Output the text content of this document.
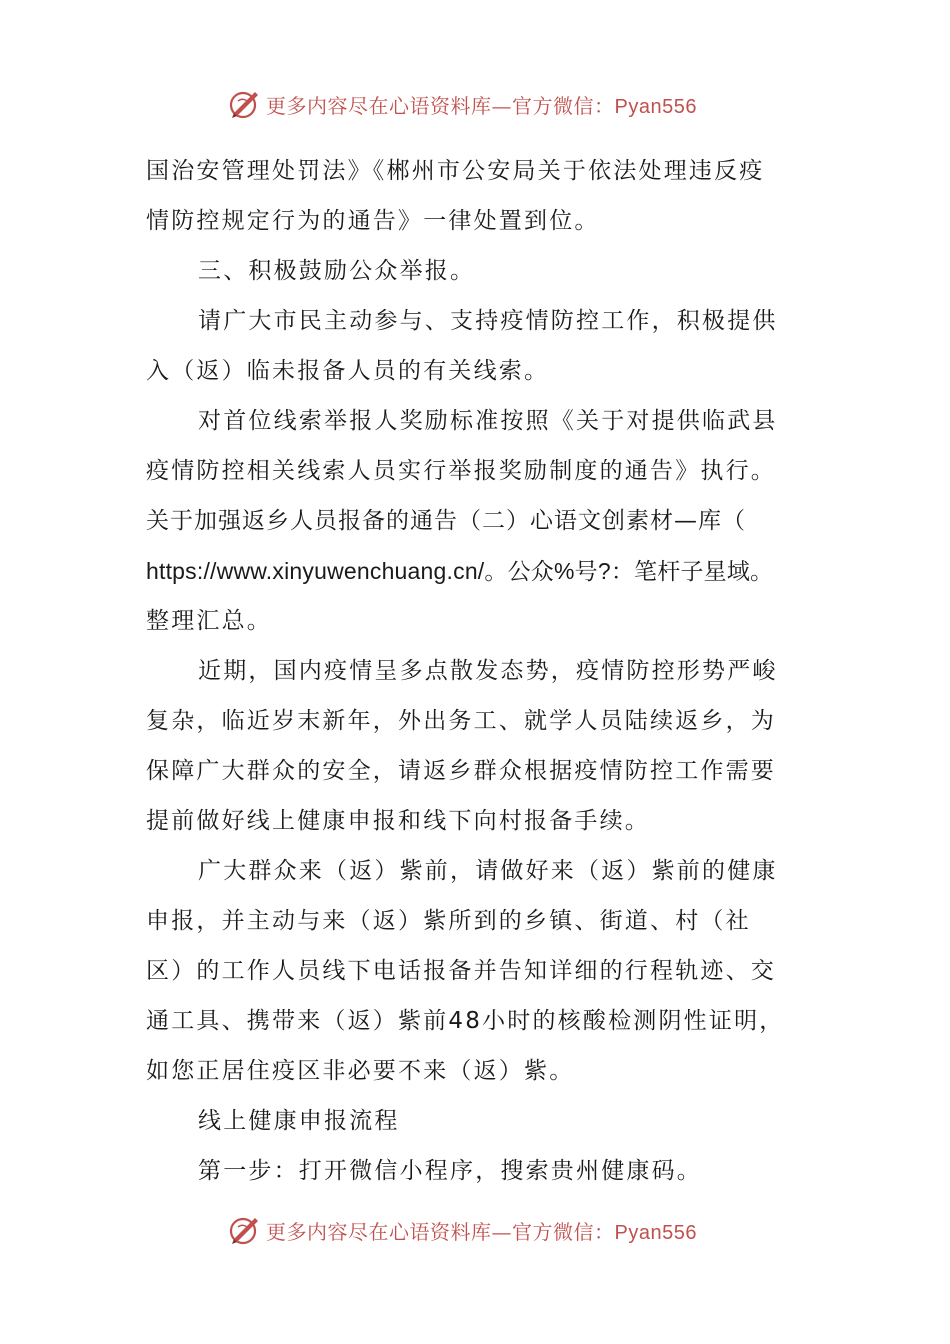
更多内容尽在心语资料库—官方微信：Pyan556
国治安管理处罚法》《郴州市公安局关于依法处理违反疫
情防控规定行为的通告》一律处置到位。
三、积极鼓励公众举报。
请广大市民主动参与、支持疫情防控工作，积极提供
入（返）临未报备人员的有关线索。
对首位线索举报人奖励标准按照《关于对提供临武县
疫情防控相关线索人员实行举报奖励制度的通告》执行。
关于加强返乡人员报备的通告（二）心语文创素材—库（
https://www.xinyuwenchuang.cn/。公众%号?：笔杆子星域。
整理汇总。
近期，国内疫情呈多点散发态势，疫情防控形势严峻
复杂，临近岁末新年，外出务工、就学人员陆续返乡，为
保障广大群众的安全，请返乡群众根据疫情防控工作需要
提前做好线上健康申报和线下向村报备手续。
广大群众来（返）紫前，请做好来（返）紫前的健康
申报，并主动与来（返）紫所到的乡镇、街道、村（社
区）的工作人员线下电话报备并告知详细的行程轨迹、交
通工具、携带来（返）紫前48小时的核酸检测阴性证明，
如您正居住疫区非必要不来（返）紫。
线上健康申报流程
第一步：打开微信小程序，搜索贵州健康码。
更多内容尽在心语资料库—官方微信：Pyan556
